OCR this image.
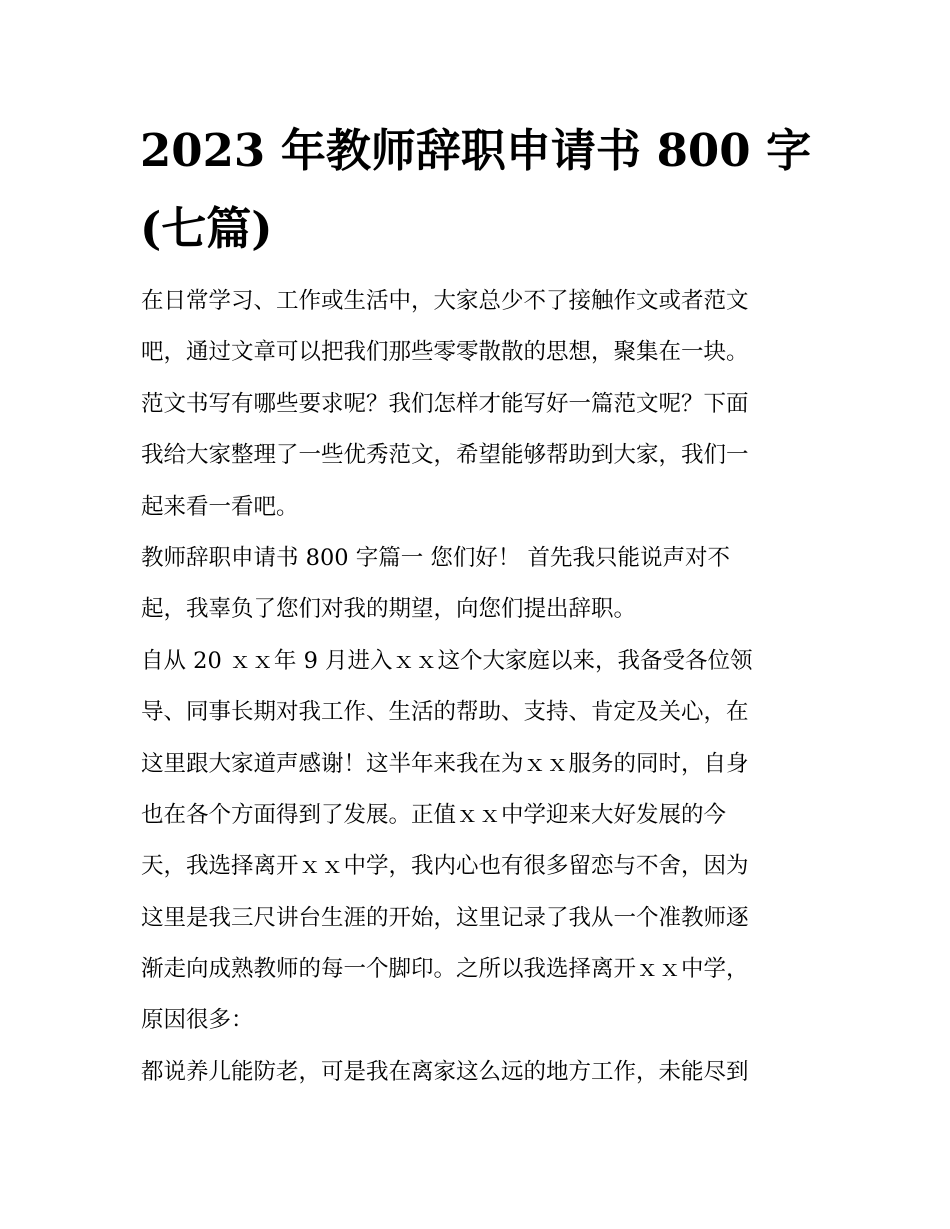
2023 年教师辞职申请书 800 字
(七篇)
在日常学习、工作或生活中，大家总少不了接触作文或者范文
吧，通过文章可以把我们那些零零散散的思想，聚集在一块。
范文书写有哪些要求呢？我们怎样才能写好一篇范文呢？下面
我给大家整理了一些优秀范文，希望能够帮助到大家，我们一
起来看一看吧。
教师辞职申请书 800 字篇一 您们好！ 首先我只能说声对不
起，我辜负了您们对我的期望，向您们提出辞职。
自从 20 ｘｘ年 9 月进入ｘｘ这个大家庭以来，我备受各位领
导、同事长期对我工作、生活的帮助、支持、肯定及关心，在
这里跟大家道声感谢！这半年来我在为ｘｘ服务的同时，自身
也在各个方面得到了发展。正值ｘｘ中学迎来大好发展的今
天，我选择离开ｘｘ中学，我内心也有很多留恋与不舍，因为
这里是我三尺讲台生涯的开始，这里记录了我从一个准教师逐
渐走向成熟教师的每一个脚印。之所以我选择离开ｘｘ中学，
原因很多：
都说养儿能防老，可是我在离家这么远的地方工作，未能尽到
